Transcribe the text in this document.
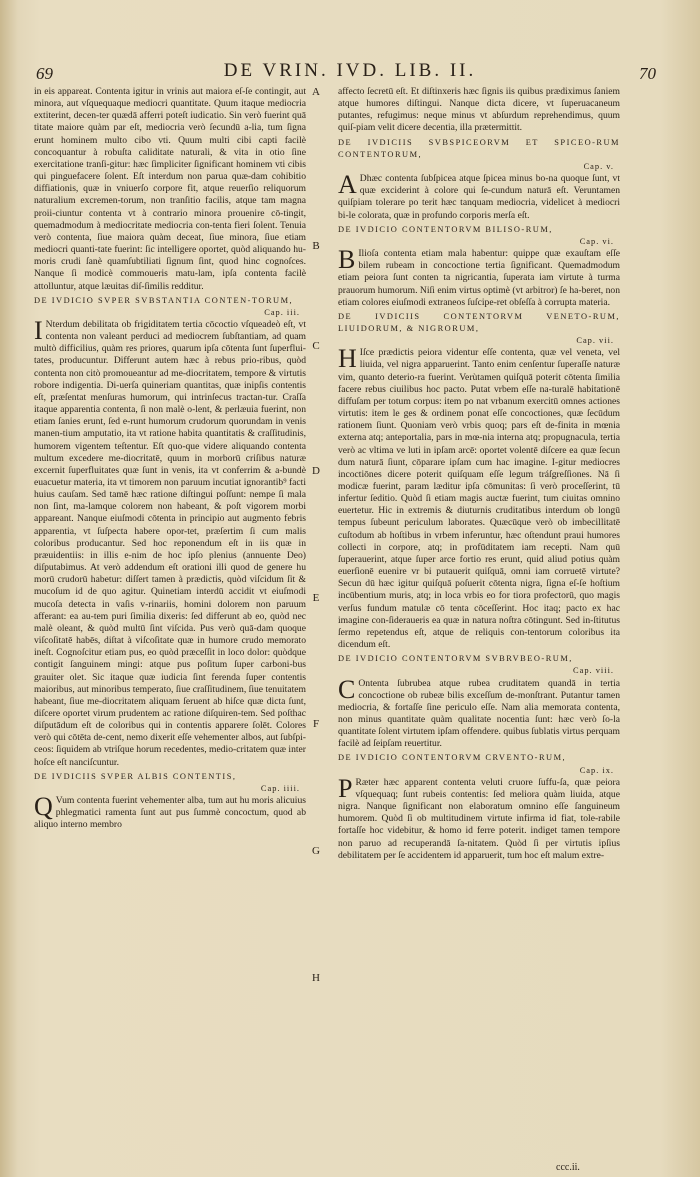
69	DE VRIN. IVD. LIB. II.	70

in eis appareat. Contenta igitur in vrinis aut maiora eſ-ſe contingit, aut minora, aut vſquequaque mediocri quantitate. Quum itaque mediocria extiterint, decen-ter quædā afferri poteſt iudicatio. Sin verò fuerint quā titate maiore quàm par eſt, mediocria verò ſecundū a-lia, tum ſigna erunt hominem multo cibo vti. Quum multi cibi capti facilè concoquantur à robuſta caliditate naturali, & vita in otio ſine exercitatione tranſi-gitur: hæc ſimpliciter ſignificant hominem vti cibis qui pinguefacere ſolent. Eſt interdum non parua quæ-dam cohibitio diffiationis, quæ in vniuerſo corpore fit, atque reuerſio reliquorum naturalium excremen-torum, non tranſitio facilis, atque tam magna proii-ciuntur contenta vt à contrario minora prouenire cō-tingit, quemadmodum à mediocritate mediocria con-tenta fieri ſolent. Tenuia verò contenta, ſiue maiora quàm deceat, ſiue minora, ſiue etiam mediocri quanti-tate fuerint: ſic intelligere oportet, quòd aliquando hu-moris crudi ſanè quamſubtiliati ſignum ſint, quod hinc cognoſces. Nanque ſi modicè commoueris matu-lam, ipſa contenta facilè attolluntur, atque læuitas diſ-ſimilis redditur.

DE IVDICIO SVPER SVBSTANTIA CONTEN-TORUM,
Cap. iii.

I Nterdum debilitata ob frigiditatem tertia cōcoctio vſqueadeò eſt, vt contenta non valeant perduci ad mediocrem ſubſtantiam, ad quam multò difficilius, quàm res priores, quarum ipſa cōtenta ſunt ſuperflui-tates, producuntur. Differunt autem hæc à rebus prio-ribus, quòd contenta non citò promoueantur ad me-diocritatem, tempore & virtutis robore indigentia. Di-uerſa quineriam quantitas, quæ inipſis contentis eſt, præſentat menſuras humorum, qui intrinſecus tractan-tur. Craſſa itaque apparentia contenta, ſi non malè o-lent, & perlæuia fuerint, non etiam ſanies erunt, ſed e-runt humorum crudorum quorundam in venis manen-tium amputatio, ita vt ratione habita quantitatis & craſſitudinis, humorem vigentem teſtentur. Eſt quo-que videre aliquando contenta multum excedere me-diocritatē, quum in morborū criſibus naturæ excernit ſuperfluitates quæ ſunt in venis, ita vt conferrim & a-bundè euacuetur materia, ita vt timorem non paruum incutiat ignorantib⁹ facti huius cauſam. Sed tamē hæc ratione diſtingui poſſunt: nempe ſi mala non ſint, ma-lamque colorem non habeant, & poſt vigorem morbi appareant. Nanque eiuſmodi cōtenta in principio aut augmento febris apparentia, vt ſuſpecta habere opor-tet, præſertim ſi cum malis coloribus producantur. Sed hoc reponendum eſt in iis quæ in præuidentiis: in illis e-nim de hoc ipſo plenius (annuente Deo) diſputabimus. At verò addendum eſt orationi illi quod de genere hu morū crudorū habetur: diſſert tamen à prædictis, quòd viſcidum ſit & mucoſum id de quo agitur. Quinetiam interdū accidit vt eiuſmodi mucoſa detecta in vaſis v-rinariis, homini dolorem non paruum afferant: ea au-tem puri ſimilia dixeris: ſed differunt ab eo, quòd nec malè oleant, & quòd multū ſint viſcida. Pus verò quā-dam quoque viſcoſitatē habēs, diſtat à viſcoſitate quæ in humore crudo memorato ineſt. Cognoſcitur etiam pus, eo quòd præceſſit in loco dolor: quòdque contigit ſanguinem mingi: atque pus poſitum ſuper carboni-bus grauiter olet. Sic itaque quæ iudicia ſint ferenda ſuper contentis maioribus, aut minoribus temperato, ſiue craſſitudinem, ſiue tenuitatem habeant, ſiue me-diocritatem aliquam ſeruent ab hiſce quæ dicta ſunt, diſcere oportet virum prudentem ac ratione diſquiren-tem. Sed poſthac diſputādum eſt de coloribus qui in contentis apparere ſolēt. Colores verò qui cōtēta de-cent, nemo dixerit eſſe vehementer albos, aut ſubſpi-ceos: ſiquidem ab vtriſque horum recedentes, medio-critatem quæ inter hoſce eſt nanciſcuntur.

DE IVDICIIS SVPER ALBIS CONTENTIS,
Cap. iiii.

Q Vum contenta fuerint vehementer alba, tum aut hu moris alicuius phlegmatici ramenta ſunt aut pus ſummè concoctum, quod ab aliquo interno membro

A
B
C
D
E
F
G
H

affecto ſecretū eſt. Et diſtinxeris hæc ſignis iis quibus prædiximus ſaniem atque humores diſtingui. Nanque dicta dicere, vt ſuperuacaneum putantes, refugimus: neque minus vt abſurdum reprehendimus, quum quiſ-piam velit dicere decentia, illa prætermittit.

DE IVDICIIS SVBSPICEORVM ET SPICEO-RUM CONTENTORUM,
Cap. v.

A Dhæc contenta ſubſpicea atque ſpicea minus bo-na quoque ſunt, vt quæ exciderint à colore qui ſe-cundum naturā eſt. Veruntamen quiſpiam tolerare po terit hæc tanquam mediocria, videlicet à mediocri bi-le colorata, quæ in profundo corporis merſa eſt.

DE IVDICIO CONTENTORVM BILISO-RUM,
Cap. vi.

B Ilioſa contenta etiam mala habentur: quippe quæ exauſtam eſſe bilem rubeam in concoctione tertia ſignificant. Quemadmodum etiam peiora ſunt conten ta nigricantia, ſuperata iam virtute à turma prauorum humorum. Niſi enim virtus optimè (vt arbitror) ſe ha-beret, non etiam colores eiuſmodi extraneos ſuſcipe-ret obſeſſa à corrupta materia.

DE IVDICIIS CONTENTORVM VENETO-RUM, LIUIDORUM, & NIGRORUM,
Cap. vii.

H Iſce prædictis peiora videntur eſſe contenta, quæ vel veneta, vel liuida, vel nigra apparuerint. Tanto enim cenſentur ſuperaſſe naturæ vim, quanto deterio-ra fuerint. Verùtamen quiſquā poterit cōtenta ſimilia facere rebus ciuilibus hoc pacto. Putat vrbem eſſe na-turalē habitationē diffuſam per totum corpus: item po nat vrbanum exercitū omnes actiones virtutis: item le ges & ordinem ponat eſſe concoctiones, quæ ſecūdum rationem ſiunt. Quoniam verò vrbis quoq; pars eſt de-finita in mœnia externa atq; anteportalia, pars in mœ-nia interna atq; propugnacula, tertia verò ac vltima ve luti in ipſam arcē: oportet volentē diſcere ea quæ ſecun dum naturā ſiunt, cōparare ipſam cum hac imagine. I-gitur mediocres incoctiōnes dicere poterit quiſquam eſſe legum tráſgreſſiones. Nā ſi modicæ fuerint, param læditur ipſa cōmunitas: ſi verò proceſſerint, tū infertur ſeditio. Quòd ſi etiam magis auctæ fuerint, tum ciuitas omnino euertetur. Hic in extremis & diuturnis cruditatibus interdum ob longū tempus ſubeunt periculum laborates. Quæcūque verò ob imbecillitatē cuſtodum ab hoſtibus in vrbem inferuntur, hæc oſtendunt praui humores collecti in corpore, atq; in profūditatem iam recepti. Nam quū ſuperauerint, atque ſuper arce fortio res erunt, quid aliud potius quàm euerſionē euenire vr bi putauerit quiſquā, omni iam corruetē virtute? Secun dū hæc igitur quiſquā poſuerit cōtenta nigra, ſigna eſ-ſe hoſtium incūbentium muris, atq; in loca vrbis eo for tiora profectorū, quo magis verſus fundum matulæ cō tenta cōceſſerint. Hoc itaq; pacto ex hac imagine con-ſideraueris ea quæ in natura noſtra cōtingunt. Sed in-ſtitutus ſermo repetendus eſt, atque de reliquis con-tentorum coloribus ita dicendum eſt.

DE IVDICIO CONTENTORVM SVBRVBEO-RUM,
Cap. viii.

C Ontenta ſubrubea atque rubea cruditatem quandā in tertia concoctione ob rubeæ bilis exceſſum de-monſtrant. Putantur tamen mediocria, & fortaſſe ſine periculo eſſe. Nam alia memorata contenta, non minus quantitate quàm qualitate nocentia ſunt: hæc verò ſo-la quantitate ſolent virtutem ipſam offendere. quibus ſublatis virtus perquam facilè ad ſeipſam reuertitur.

DE IVDICIO CONTENTORVM CRVENTO-RUM,
Cap. ix.

P Ræter hæc apparent contenta veluti cruore ſuffu-ſa, quæ peiora vſquequaq; ſunt rubeis contentis: ſed meliora quàm liuida, atque nigra. Nanque ſignificant non elaboratum omnino eſſe ſanguineum humorem. Quòd ſi ob multitudinem virtute infirma id fiat, tole-rabile fortaſſe hoc videbitur, & homo id ferre poterit. indiget tamen tempore non paruo ad recuperandā ſa-nitatem. Quòd ſi per virtutis ipſius debilitatem per ſe accidentem id apparuerit, tum hoc eſt malum extre-

ccc.ii.
